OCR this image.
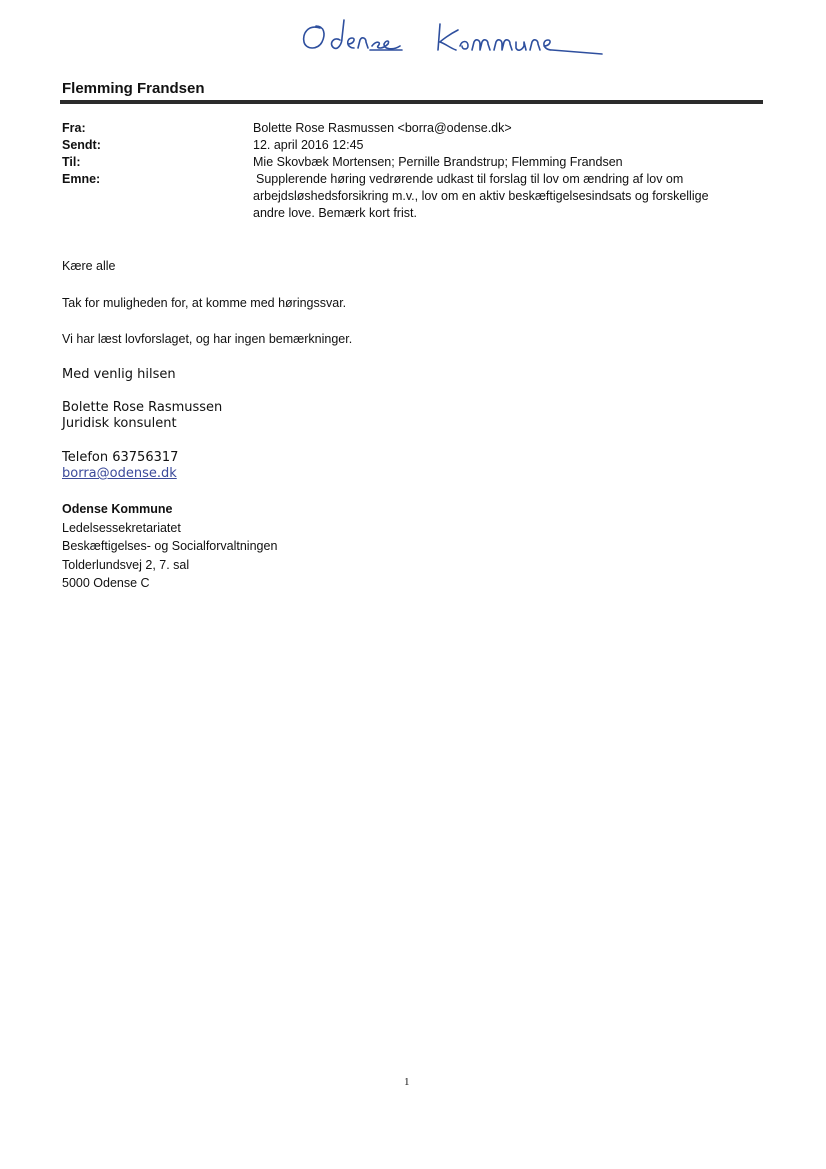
Flemming Frandsen
Fra:	Bolette Rose Rasmussen <borra@odense.dk>
Sendt:	12. april 2016 12:45
Til:	Mie Skovbæk Mortensen; Pernille Brandstrup; Flemming Frandsen
Emne:	Supplerende høring vedrørende udkast til forslag til lov om ændring af lov om
arbejdsløshedsforsikring m.v., lov om en aktiv beskæftigelsesindsats og forskellige
andre love. Bemærk kort frist.
Kære alle
Tak for muligheden for, at komme med høringssvar.
Vi har læst lovforslaget, og har ingen bemærkninger.
Med venlig hilsen
Bolette Rose Rasmussen
Juridisk konsulent
Telefon 63756317
borra@odense.dk
Odense Kommune
Ledelsessekretariatet
Beskæftigelses- og Socialforvaltningen
Tolderlundsvej 2, 7. sal
5000 Odense C
1
